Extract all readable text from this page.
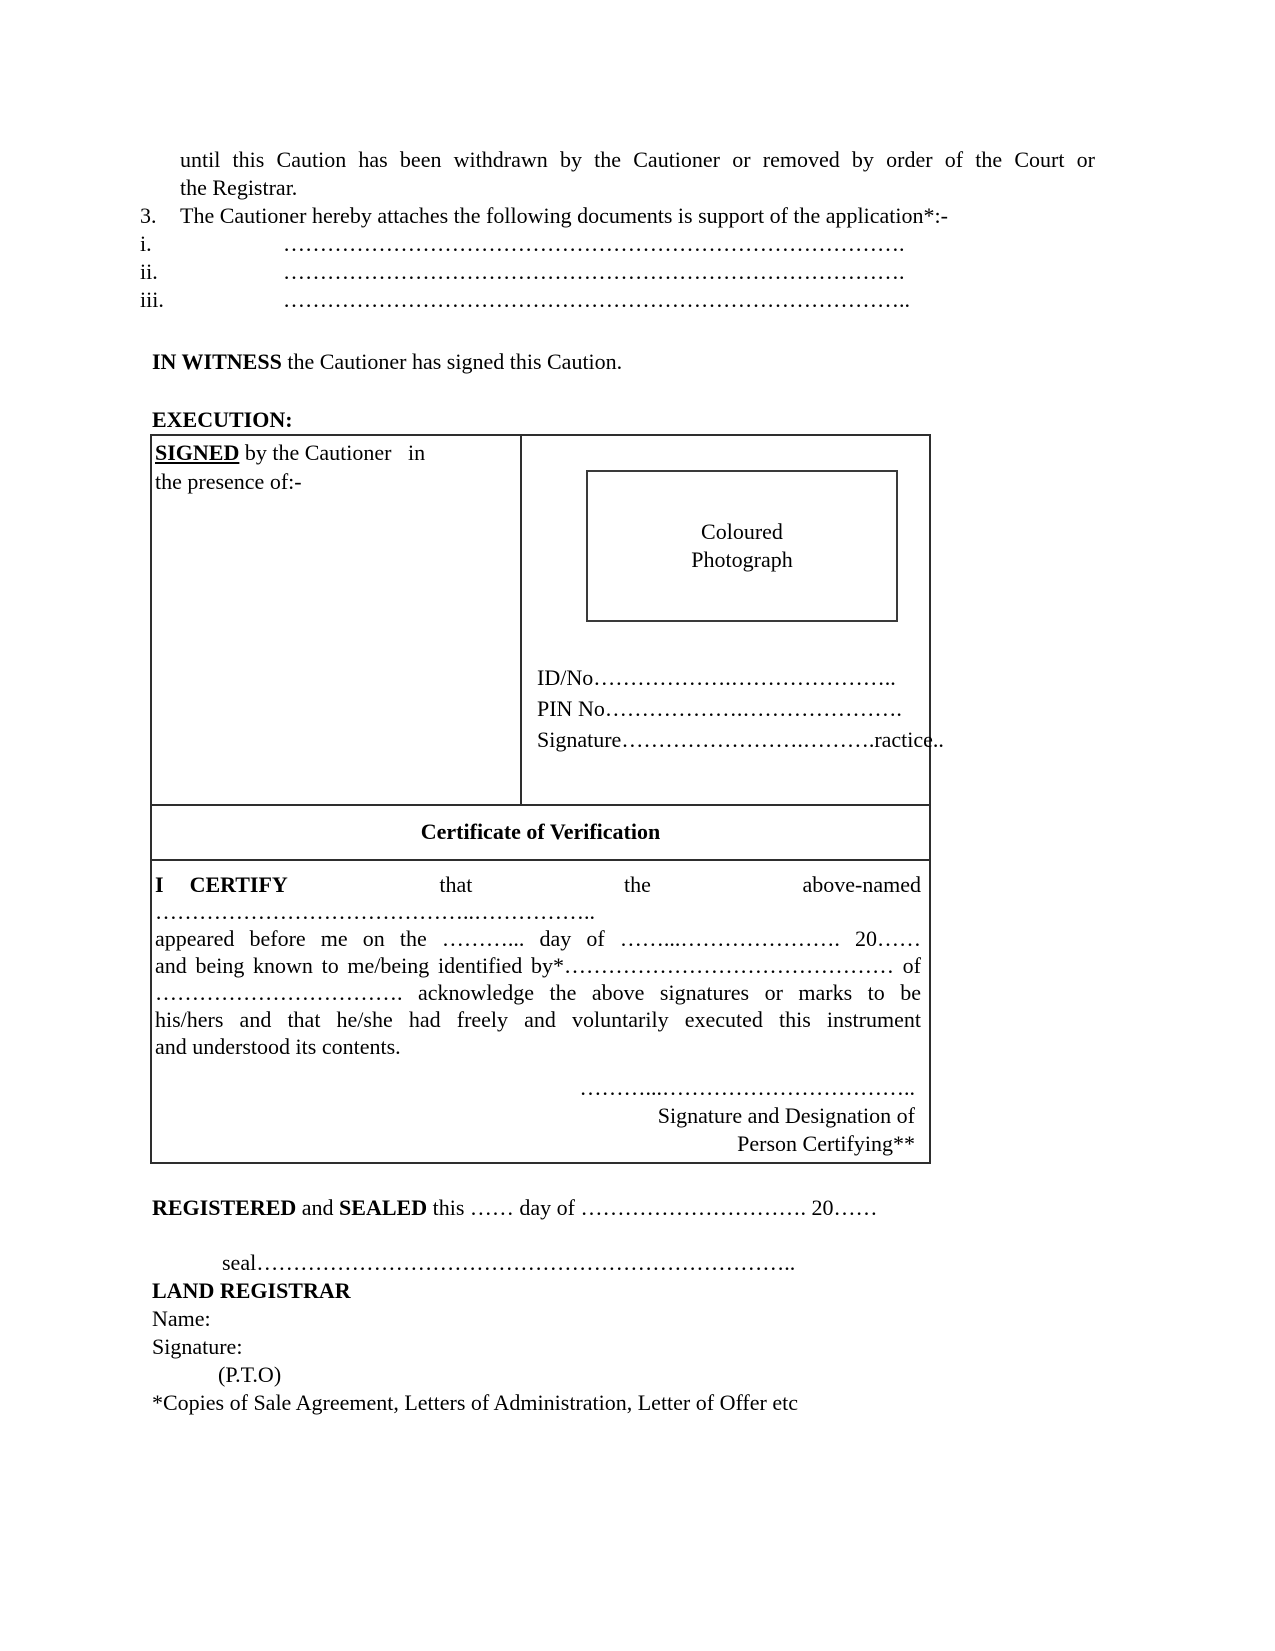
until this Caution has been withdrawn by the Cautioner or removed by order of the Court or
the Registrar.
3.	The Cautioner hereby attaches the following documents is support of the application*:-
i.	………………………………………………………………………….
ii.	………………………………………………………………………….
iii.	…………………………………………………………………………..
IN WITNESS the Cautioner has signed this Caution.
EXECUTION:
SIGNED by the Cautioner   in
the presence of:-
Coloured
Photograph
ID/No……………….…………………..
PIN No……………….………………….
Signature…………………….……….ractice..
Certificate of Verification
I CERTIFY	that the above-named ……………………………………..……………..
appeared before me on the ………... day of ……...…………………. 20……
and being known to me/being identified by*……………………………………… of
……………………………. acknowledge the above signatures or marks to be
his/hers and that he/she had freely and voluntarily executed this instrument
and understood its contents.
………...……………………………..
Signature and Designation of
Person Certifying**
REGISTERED and SEALED this …… day of …………………………. 20……
seal………………………………………………………………..
LAND REGISTRAR
Name:
Signature:
(P.T.O)
*Copies of Sale Agreement, Letters of Administration, Letter of Offer etc
